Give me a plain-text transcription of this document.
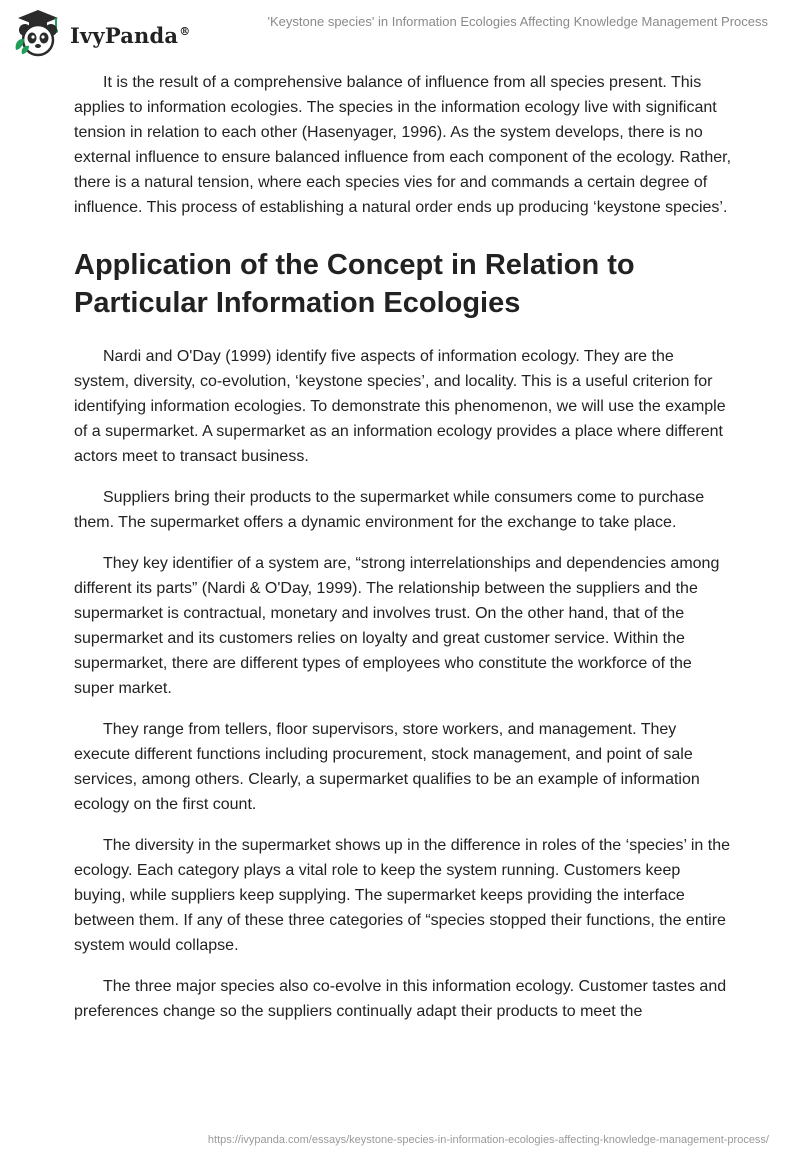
IvyPanda®
'Keystone species' in Information Ecologies Affecting Knowledge Management Process

It is the result of a comprehensive balance of influence from all species present. This applies to information ecologies. The species in the information ecology live with significant tension in relation to each other (Hasenyager, 1996). As the system develops, there is no external influence to ensure balanced influence from each component of the ecology. Rather, there is a natural tension, where each species vies for and commands a certain degree of influence. This process of establishing a natural order ends up producing ‘keystone species’.

Application of the Concept in Relation to Particular Information Ecologies

Nardi and O'Day (1999) identify five aspects of information ecology. They are the system, diversity, co-evolution, ‘keystone species’, and locality. This is a useful criterion for identifying information ecologies. To demonstrate this phenomenon, we will use the example of a supermarket. A supermarket as an information ecology provides a place where different actors meet to transact business.

Suppliers bring their products to the supermarket while consumers come to purchase them. The supermarket offers a dynamic environment for the exchange to take place.

They key identifier of a system are, “strong interrelationships and dependencies among different its parts” (Nardi & O'Day, 1999). The relationship between the suppliers and the supermarket is contractual, monetary and involves trust. On the other hand, that of the supermarket and its customers relies on loyalty and great customer service. Within the supermarket, there are different types of employees who constitute the workforce of the super market.

They range from tellers, floor supervisors, store workers, and management. They execute different functions including procurement, stock management, and point of sale services, among others. Clearly, a supermarket qualifies to be an example of information ecology on the first count.

The diversity in the supermarket shows up in the difference in roles of the ‘species’ in the ecology. Each category plays a vital role to keep the system running. Customers keep buying, while suppliers keep supplying. The supermarket keeps providing the interface between them. If any of these three categories of “species stopped their functions, the entire system would collapse.

The three major species also co-evolve in this information ecology. Customer tastes and preferences change so the suppliers continually adapt their products to meet the

https://ivypanda.com/essays/keystone-species-in-information-ecologies-affecting-knowledge-management-process/
